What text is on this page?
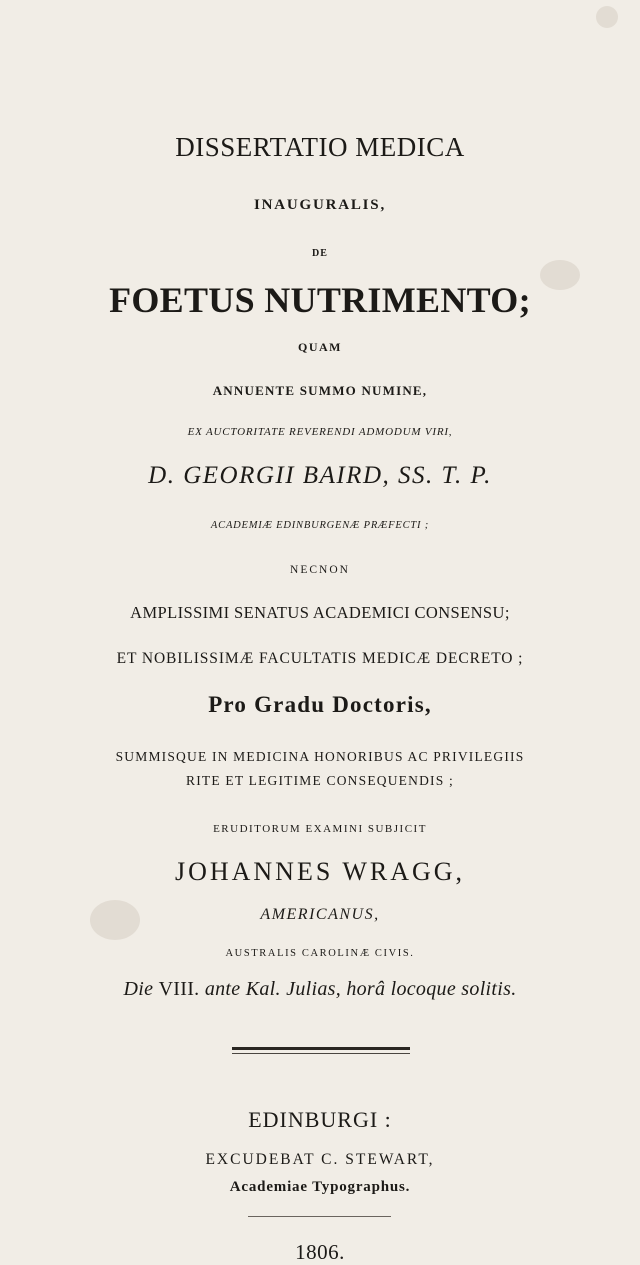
DISSERTATIO MEDICA
INAUGURALIS,
DE
FOETUS NUTRIMENTO;
QUAM
ANNUENTE SUMMO NUMINE,
EX AUCTORITATE REVERENDI ADMODUM VIRI,
D. GEORGII BAIRD, SS. T. P.
ACADEMIÆ EDINBURGENÆ PRÆFECTI ;
NECNON
AMPLISSIMI SENATUS ACADEMICI CONSENSU;
ET NOBILISSIMÆ FACULTATIS MEDICÆ DECRETO ;
Pro Gradu Doctoris,
SUMMISQUE IN MEDICINA HONORIBUS AC PRIVILEGIIS
RITE ET LEGITIME CONSEQUENDIS ;
ERUDITORUM EXAMINI SUBJICIT
JOHANNES WRAGG,
AMERICANUS,
AUSTRALIS CAROLINÆ CIVIS.
Die VIII. ante Kal. Julias, horâ locoque solitis.
EDINBURGI :
EXCUDEBAT C. STEWART,
Academiae Typographus.
1806.
